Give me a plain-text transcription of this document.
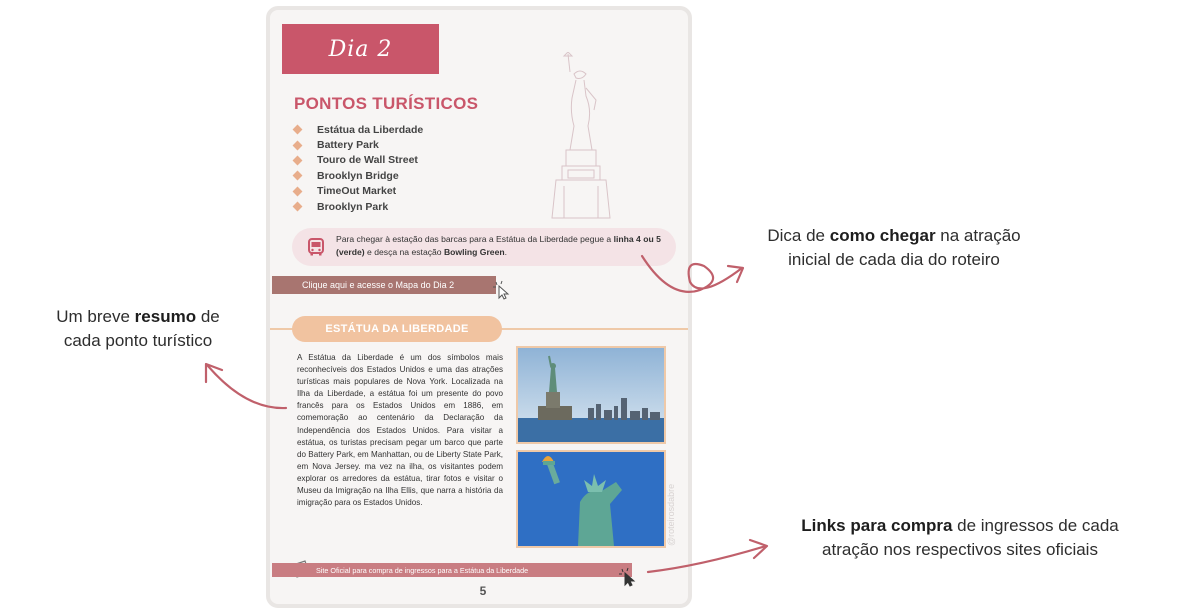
Dia 2
PONTOS TURÍSTICOS
Estátua da Liberdade
Battery Park
Touro de Wall Street
Brooklyn Bridge
TimeOut Market
Brooklyn Park
Para chegar à estação das barcas para a Estátua da Liberdade pegue a linha 4 ou 5 (verde) e desça na estação Bowling Green.
Clique aqui e acesse o Mapa do Dia 2
ESTÁTUA DA LIBERDADE

A Estátua da Liberdade é um dos símbolos mais reconhecíveis dos Estados Unidos e uma das atrações turísticas mais populares de Nova York. Localizada na Ilha da Liberdade, a estátua foi um presente do povo francês para os Estados Unidos em 1886, em comemoração ao centenário da Declaração da Independência dos Estados Unidos. Para visitar a estátua, os turistas precisam pegar um barco que parte do Battery Park, em Manhattan, ou de Liberty State Park, em Nova Jersey. ma vez na ilha, os visitantes podem explorar os arredores da estátua, tirar fotos e visitar o Museu da Imigração na Ilha Ellis, que narra a história da imigração para os Estados Unidos.	@roteirosdabre
Site Oficial para compra de ingressos para a Estátua da Liberdade
5
Dica de como chegar na atração
inicial de cada dia do roteiro
Um breve resumo de
cada ponto turístico
Links para compra de ingressos de cada
atração nos respectivos sites oficiais
